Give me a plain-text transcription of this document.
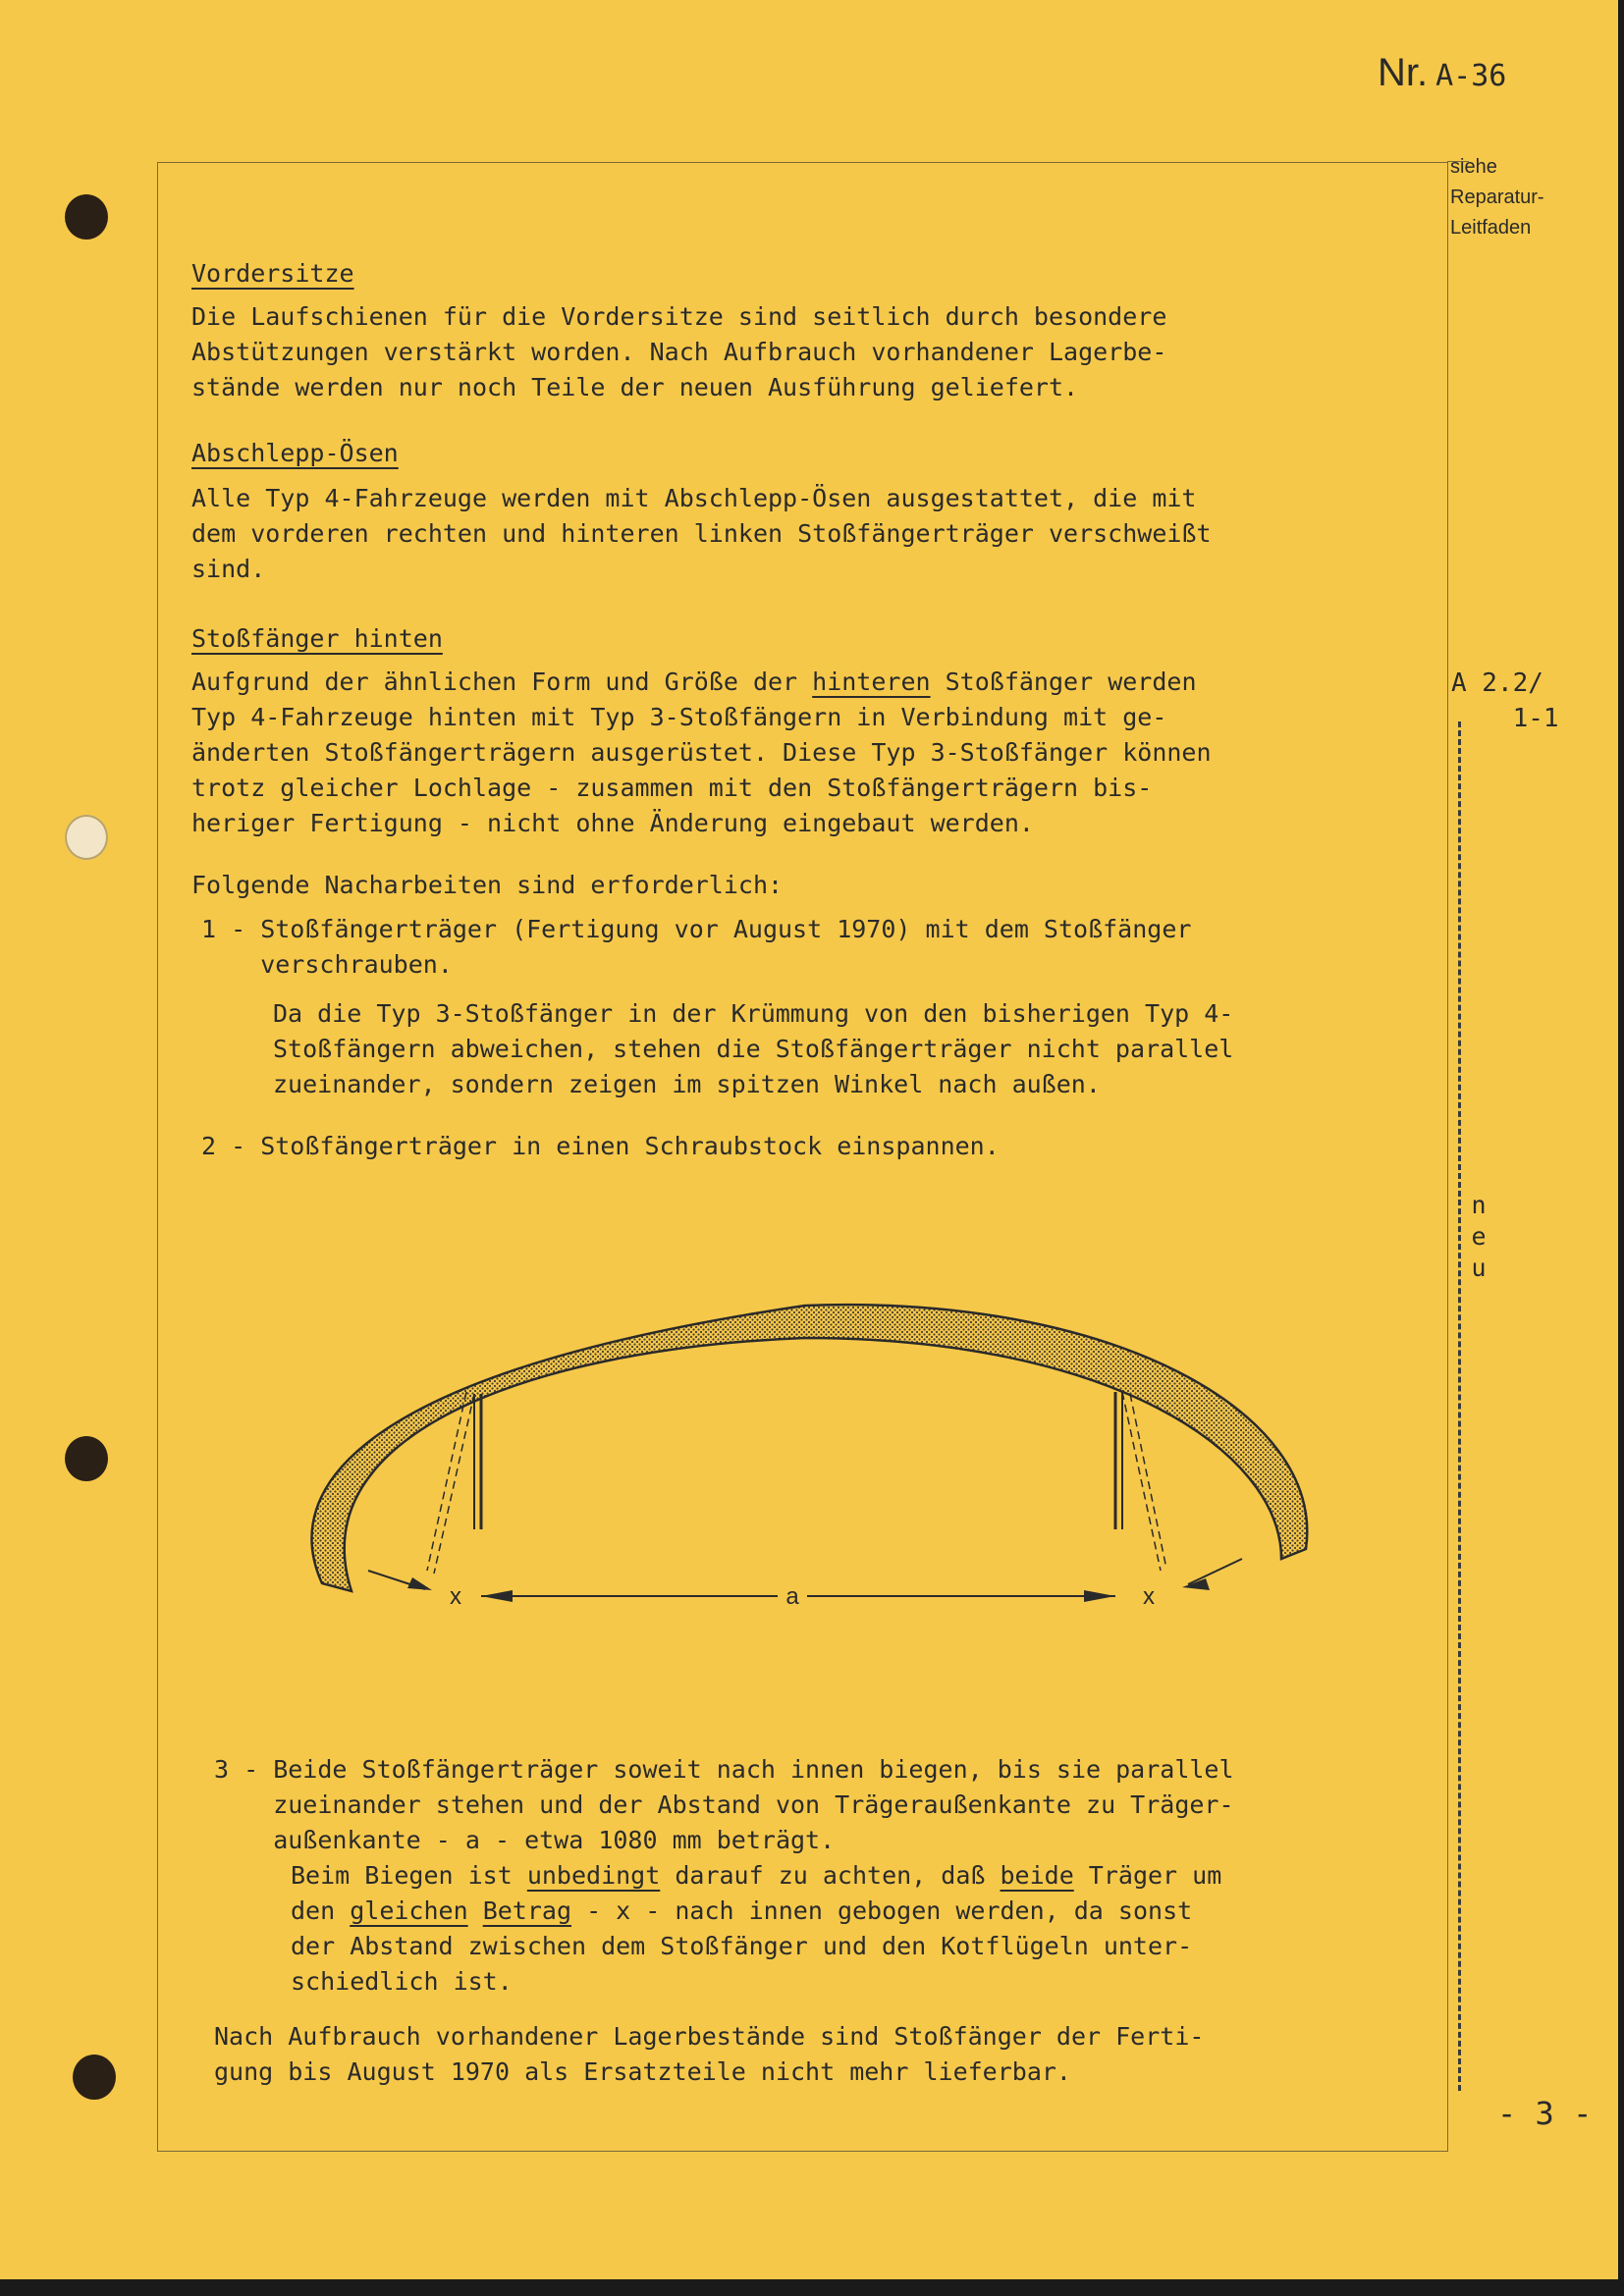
Nr. A-36
siehe
Reparatur-
Leitfaden
Vordersitze
Die Laufschienen für die Vordersitze sind seitlich durch besondere
Abstützungen verstärkt worden. Nach Aufbrauch vorhandener Lagerbe-
stände werden nur noch Teile der neuen Ausführung geliefert.
Abschlepp-Ösen
Alle Typ 4-Fahrzeuge werden mit Abschlepp-Ösen ausgestattet, die mit
dem vorderen rechten und hinteren linken Stoßfängerträger verschweißt
sind.
Stoßfänger hinten
Aufgrund der ähnlichen Form und Größe der hinteren Stoßfänger werden
Typ 4-Fahrzeuge hinten mit Typ 3-Stoßfängern in Verbindung mit ge-
änderten Stoßfängerträgern ausgerüstet. Diese Typ 3-Stoßfänger können
trotz gleicher Lochlage - zusammen mit den Stoßfängerträgern bis-
heriger Fertigung - nicht ohne Änderung eingebaut werden.
Folgende Nacharbeiten sind erforderlich:
1 - Stoßfängerträger (Fertigung vor August 1970) mit dem Stoßfänger
verschrauben.
Da die Typ 3-Stoßfänger in der Krümmung von den bisherigen Typ 4-
Stoßfängern abweichen, stehen die Stoßfängerträger nicht parallel
zueinander, sondern zeigen im spitzen Winkel nach außen.
2 - Stoßfängerträger in einen Schraubstock einspannen.
A 2.2/
1-1
n
e
u
a
x	x
3 - Beide Stoßfängerträger soweit nach innen biegen, bis sie parallel
zueinander stehen und der Abstand von Trägeraußenkante zu Träger-
außenkante - a - etwa 1080 mm beträgt.
Beim Biegen ist unbedingt darauf zu achten, daß beide Träger um
den gleichen Betrag - x - nach innen gebogen werden, da sonst
der Abstand zwischen dem Stoßfänger und den Kotflügeln unter-
schiedlich ist.
Nach Aufbrauch vorhandener Lagerbestände sind Stoßfänger der Ferti-
gung bis August 1970 als Ersatzteile nicht mehr lieferbar.
- 3 -
